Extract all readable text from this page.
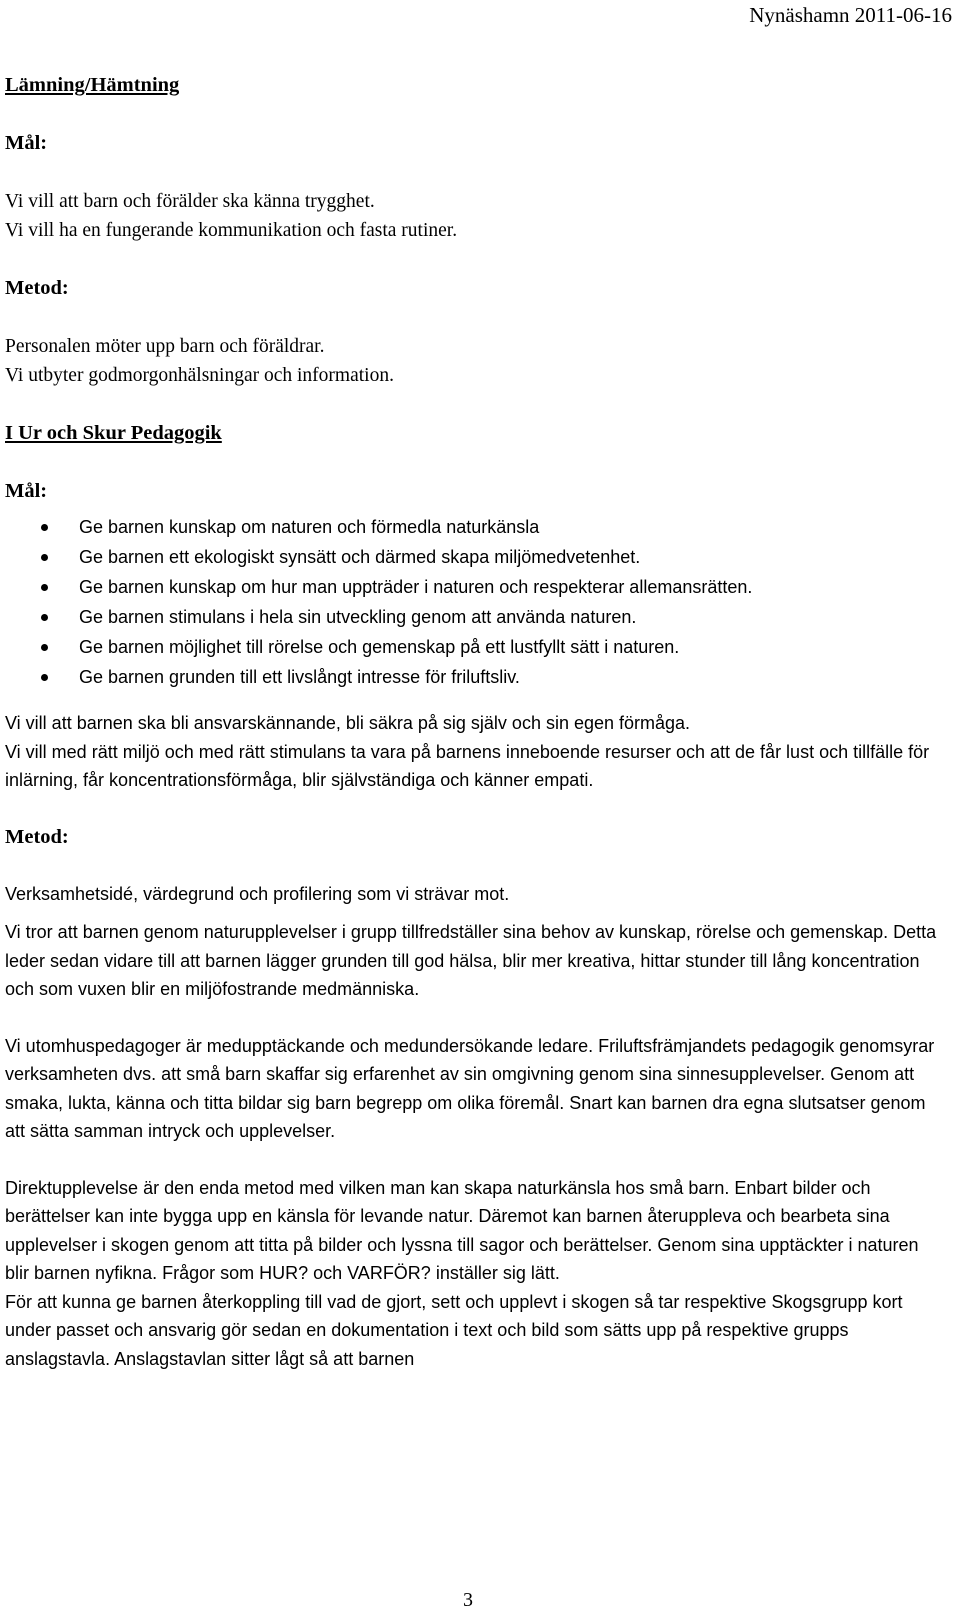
Nynäshamn 2011-06-16

Lämning/Hämtning

Mål:

Vi vill att barn och förälder ska känna trygghet.

Vi vill ha en fungerande kommunikation och fasta rutiner.

Metod:

Personalen möter upp barn och föräldrar.

Vi utbyter godmorgonhälsningar och information.

I Ur och Skur Pedagogik

Mål:

Ge barnen kunskap om naturen och förmedla naturkänsla
Ge barnen ett ekologiskt synsätt och därmed skapa miljömedvetenhet.
Ge barnen kunskap om hur man uppträder i naturen och respekterar allemansrätten.
Ge barnen stimulans i hela sin utveckling genom att använda naturen.
Ge barnen möjlighet till rörelse och gemenskap på ett lustfyllt sätt i naturen.
Ge barnen grunden till ett livslångt intresse för friluftsliv.

Vi vill att barnen ska bli ansvarskännande, bli säkra på sig själv och sin egen förmåga.

Vi vill med rätt miljö och med rätt stimulans ta vara på barnens inneboende resurser och att de får lust och tillfälle för inlärning, får koncentrationsförmåga, blir självständiga och känner empati.

Metod:

Verksamhetsidé, värdegrund och profilering som vi strävar mot.

Vi tror att barnen genom naturupplevelser i grupp tillfredställer sina behov av kunskap, rörelse och gemenskap. Detta leder sedan vidare till att barnen lägger grunden till god hälsa, blir mer kreativa, hittar stunder till lång koncentration och som vuxen blir en miljöfostrande medmänniska.

Vi utomhuspedagoger är medupptäckande och medundersökande ledare. Friluftsfrämjandets pedagogik genomsyrar verksamheten dvs. att små barn skaffar sig erfarenhet av sin omgivning genom sina sinnesupplevelser. Genom att smaka, lukta, känna och titta bildar sig barn begrepp om olika föremål. Snart kan barnen dra egna slutsatser genom att sätta samman intryck och upplevelser.

Direktupplevelse är den enda metod med vilken man kan skapa naturkänsla hos små barn. Enbart bilder och berättelser kan inte bygga upp en känsla för levande natur. Däremot kan barnen återuppleva och bearbeta sina upplevelser i skogen genom att titta på bilder och lyssna till sagor och berättelser. Genom sina upptäckter i naturen blir barnen nyfikna. Frågor som HUR? och VARFÖR? inställer sig lätt.

För att kunna ge barnen återkoppling till vad de gjort, sett och upplevt i skogen så tar respektive Skogsgrupp kort under passet och ansvarig gör sedan en dokumentation i text och bild som sätts upp på respektive grupps anslagstavla. Anslagstavlan sitter lågt så att barnen

3
